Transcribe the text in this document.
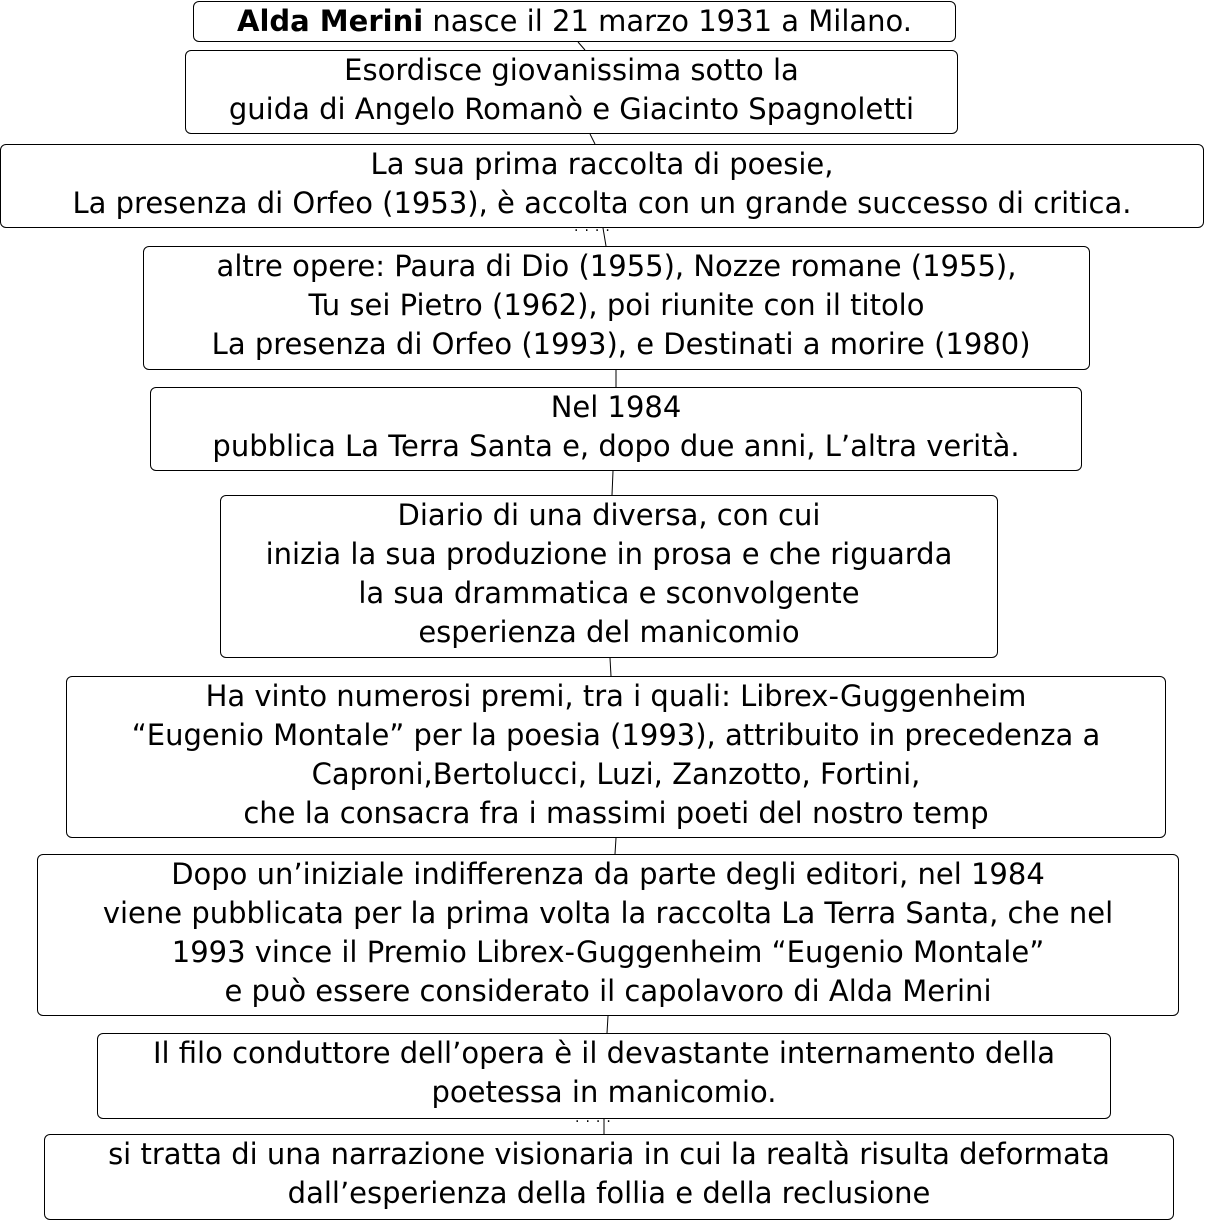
Alda Merini nasce il 21 marzo 1931 a Milano.
Esordisce giovanissima sotto la
guida di Angelo Romanò e Giacinto Spagnoletti
La sua prima raccolta di poesie,
La presenza di Orfeo (1953), è accolta con un grande successo di critica.
····
altre opere: Paura di Dio (1955), Nozze romane (1955),
Tu sei Pietro (1962), poi riunite con il titolo
La presenza di Orfeo (1993), e Destinati a morire (1980)
Nel 1984
pubblica La Terra Santa e, dopo due anni, L’altra verità.
Diario di una diversa, con cui
inizia la sua produzione in prosa e che riguarda
la sua drammatica e sconvolgente
esperienza del manicomio
Ha vinto numerosi premi, tra i quali: Librex-Guggenheim
“Eugenio Montale” per la poesia (1993), attribuito in precedenza a
Caproni,Bertolucci, Luzi, Zanzotto, Fortini,
che la consacra fra i massimi poeti del nostro temp
Dopo un’iniziale indifferenza da parte degli editori, nel 1984
viene pubblicata per la prima volta la raccolta La Terra Santa, che nel
1993 vince il Premio Librex-Guggenheim “Eugenio Montale”
e può essere considerato il capolavoro di Alda Merini
Il filo conduttore dell’opera è il devastante internamento della
poetessa in manicomio.
····
si tratta di una narrazione visionaria in cui la realtà risulta deformata
dall’esperienza della follia e della reclusione
